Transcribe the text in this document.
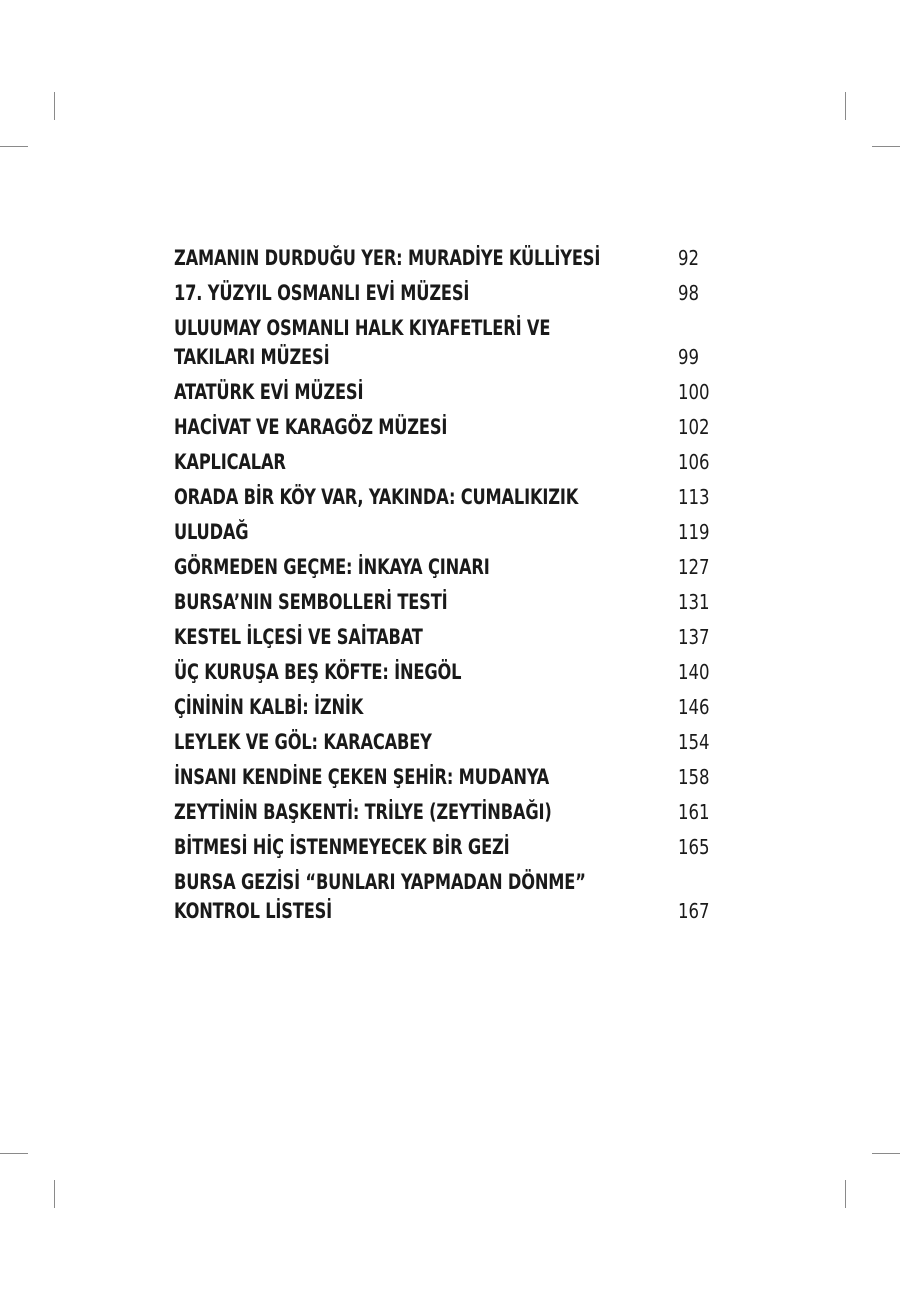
ZAMANIN DURDUĞU YER: MURADİYE KÜLLİYESİ	92
17. YÜZYIL OSMANLI EVİ MÜZESİ	98
ULUUMAY OSMANLI HALK KIYAFETLERİ VE
TAKILARI MÜZESİ	99
ATATÜRK EVİ MÜZESİ	100
HACİVAT VE KARAGÖZ MÜZESİ	102
KAPLICALAR	106
ORADA BİR KÖY VAR, YAKINDA: CUMALIKIZIK	113
ULUDAĞ	119
GÖRMEDEN GEÇME: İNKAYA ÇINARI	127
BURSA’NIN SEMBOLLERİ TESTİ	131
KESTEL İLÇESİ VE SAİTABAT	137
ÜÇ KURUŞA BEŞ KÖFTE: İNEGÖL	140
ÇİNİNİN KALBİ: İZNİK	146
LEYLEK VE GÖL: KARACABEY	154
İNSANI KENDİNE ÇEKEN ŞEHİR: MUDANYA	158
ZEYTİNİN BAŞKENTİ: TRİLYE (ZEYTİNBAĞI)	161
BİTMESİ HİÇ İSTENMEYECEK BİR GEZİ	165
BURSA GEZİSİ “BUNLARI YAPMADAN DÖNME”
KONTROL LİSTESİ	167
